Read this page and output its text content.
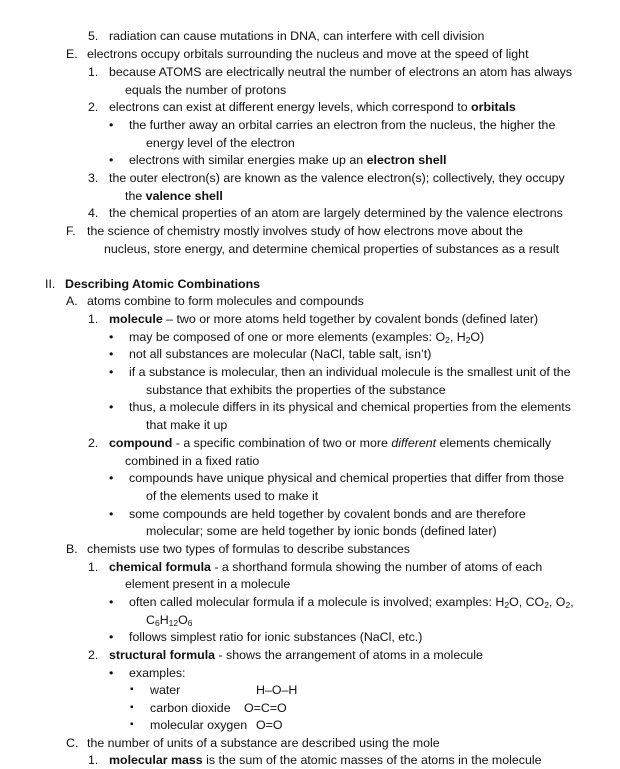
5. radiation can cause mutations in DNA, can interfere with cell division
E. electrons occupy orbitals surrounding the nucleus and move at the speed of light
1. because ATOMS are electrically neutral the number of electrons an atom has always
equals the number of protons
2. electrons can exist at different energy levels, which correspond to orbitals
• the further away an orbital carries an electron from the nucleus, the higher the
energy level of the electron
• electrons with similar energies make up an electron shell
3. the outer electron(s) are known as the valence electron(s); collectively, they occupy
the valence shell
4. the chemical properties of an atom are largely determined by the valence electrons
F. the science of chemistry mostly involves study of how electrons move about the
nucleus, store energy, and determine chemical properties of substances as a result
II. Describing Atomic Combinations
A. atoms combine to form molecules and compounds
1. molecule – two or more atoms held together by covalent bonds (defined later)
• may be composed of one or more elements (examples: $O_2$, $H_2O$)
• not all substances are molecular (NaCl, table salt, isn’t)
• if a substance is molecular, then an individual molecule is the smallest unit of the
substance that exhibits the properties of the substance
• thus, a molecule differs in its physical and chemical properties from the elements
that make it up
2. compound - a specific combination of two or more different elements chemically
combined in a fixed ratio
• compounds have unique physical and chemical properties that differ from those
of the elements used to make it
• some compounds are held together by covalent bonds and are therefore
molecular; some are held together by ionic bonds (defined later)
B. chemists use two types of formulas to describe substances
1. chemical formula - a shorthand formula showing the number of atoms of each
element present in a molecule
• often called molecular formula if a molecule is involved; examples: $H_2O$, $CO_2$, $O_2$,
$C_6H_{12}O_6$
• follows simplest ratio for ionic substances (NaCl, etc.)
2. structural formula - shows the arrangement of atoms in a molecule
• examples:
▪ water	H–O–H
▪ carbon dioxide O=C=O
▪ molecular oxygen O=O
C. the number of units of a substance are described using the mole
1. molecular mass is the sum of the atomic masses of the atoms in the molecule
